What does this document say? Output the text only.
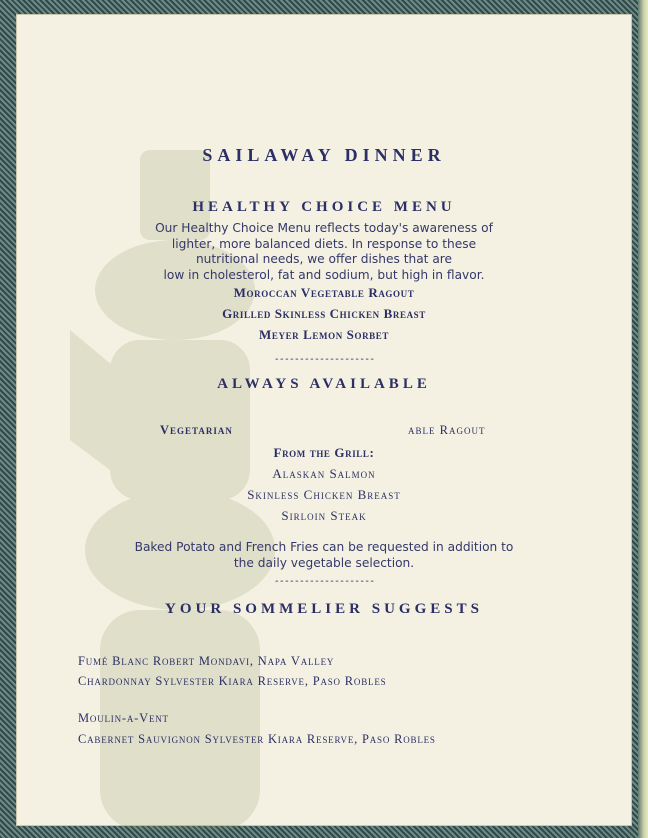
SAILAWAY DINNER
HEALTHY CHOICE MENU
Our Healthy Choice Menu reflects today's awareness of
lighter, more balanced diets. In response to these
nutritional needs, we offer dishes that are
low in cholesterol, fat and sodium, but high in flavor.
Moroccan Vegetable Ragout
Grilled Skinless Chicken Breast
Meyer Lemon Sorbet
--------------------
ALWAYS AVAILABLE
Vegetarian	able Ragout
From the Grill:
Alaskan Salmon
Skinless Chicken Breast
Sirloin Steak
Baked Potato and French Fries can be requested in addition to
the daily vegetable selection.
--------------------
YOUR SOMMELIER SUGGESTS
Fumé Blanc Robert Mondavi, Napa Valley
Chardonnay Sylvester Kiara Reserve, Paso Robles
Moulin-a-Vent
Cabernet Sauvignon Sylvester Kiara Reserve, Paso Robles
